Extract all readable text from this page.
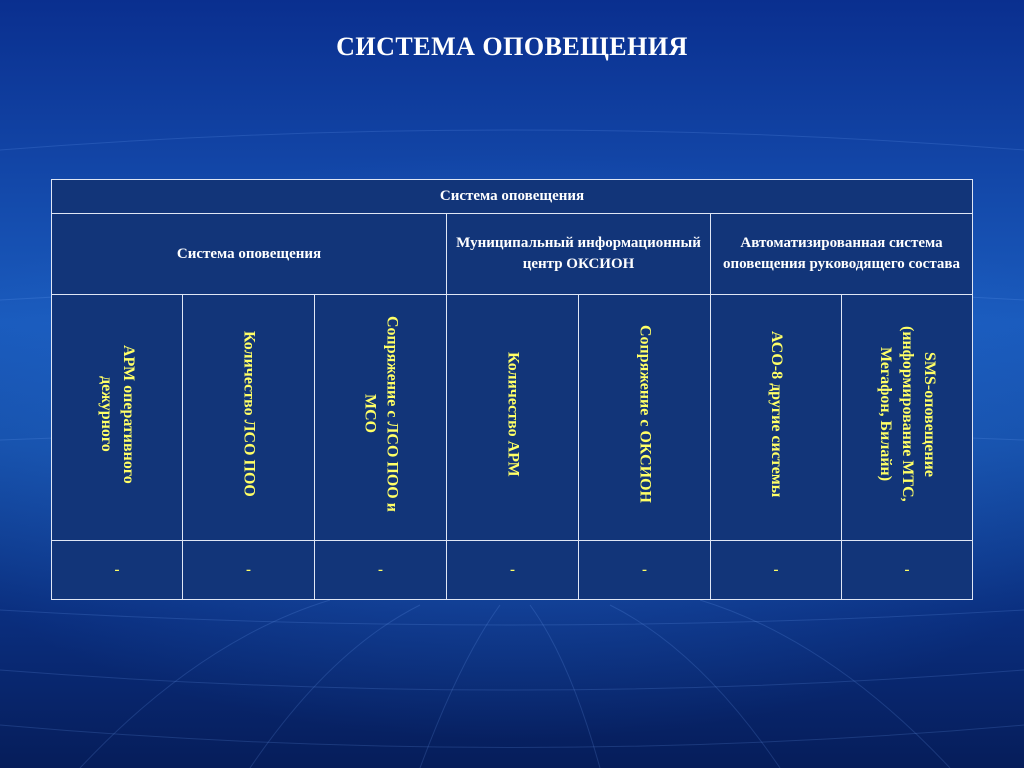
СИСТЕМА ОПОВЕЩЕНИЯ
Система оповещения						
Система оповещения			Муниципальный информационный центр ОКСИОН		Автоматизированная система оповещения руководящего состава	
АРМ оперативного дежурного	Количество ЛСО ПОО	Сопряжение с ЛСО ПОО и МСО	Количество АРМ	Сопряжение с ОКСИОН	АСО-8 другие системы	SMS-оповещение (информирование МТС, Мегафон, Билайн)
-	-	-	-	-	-	-
